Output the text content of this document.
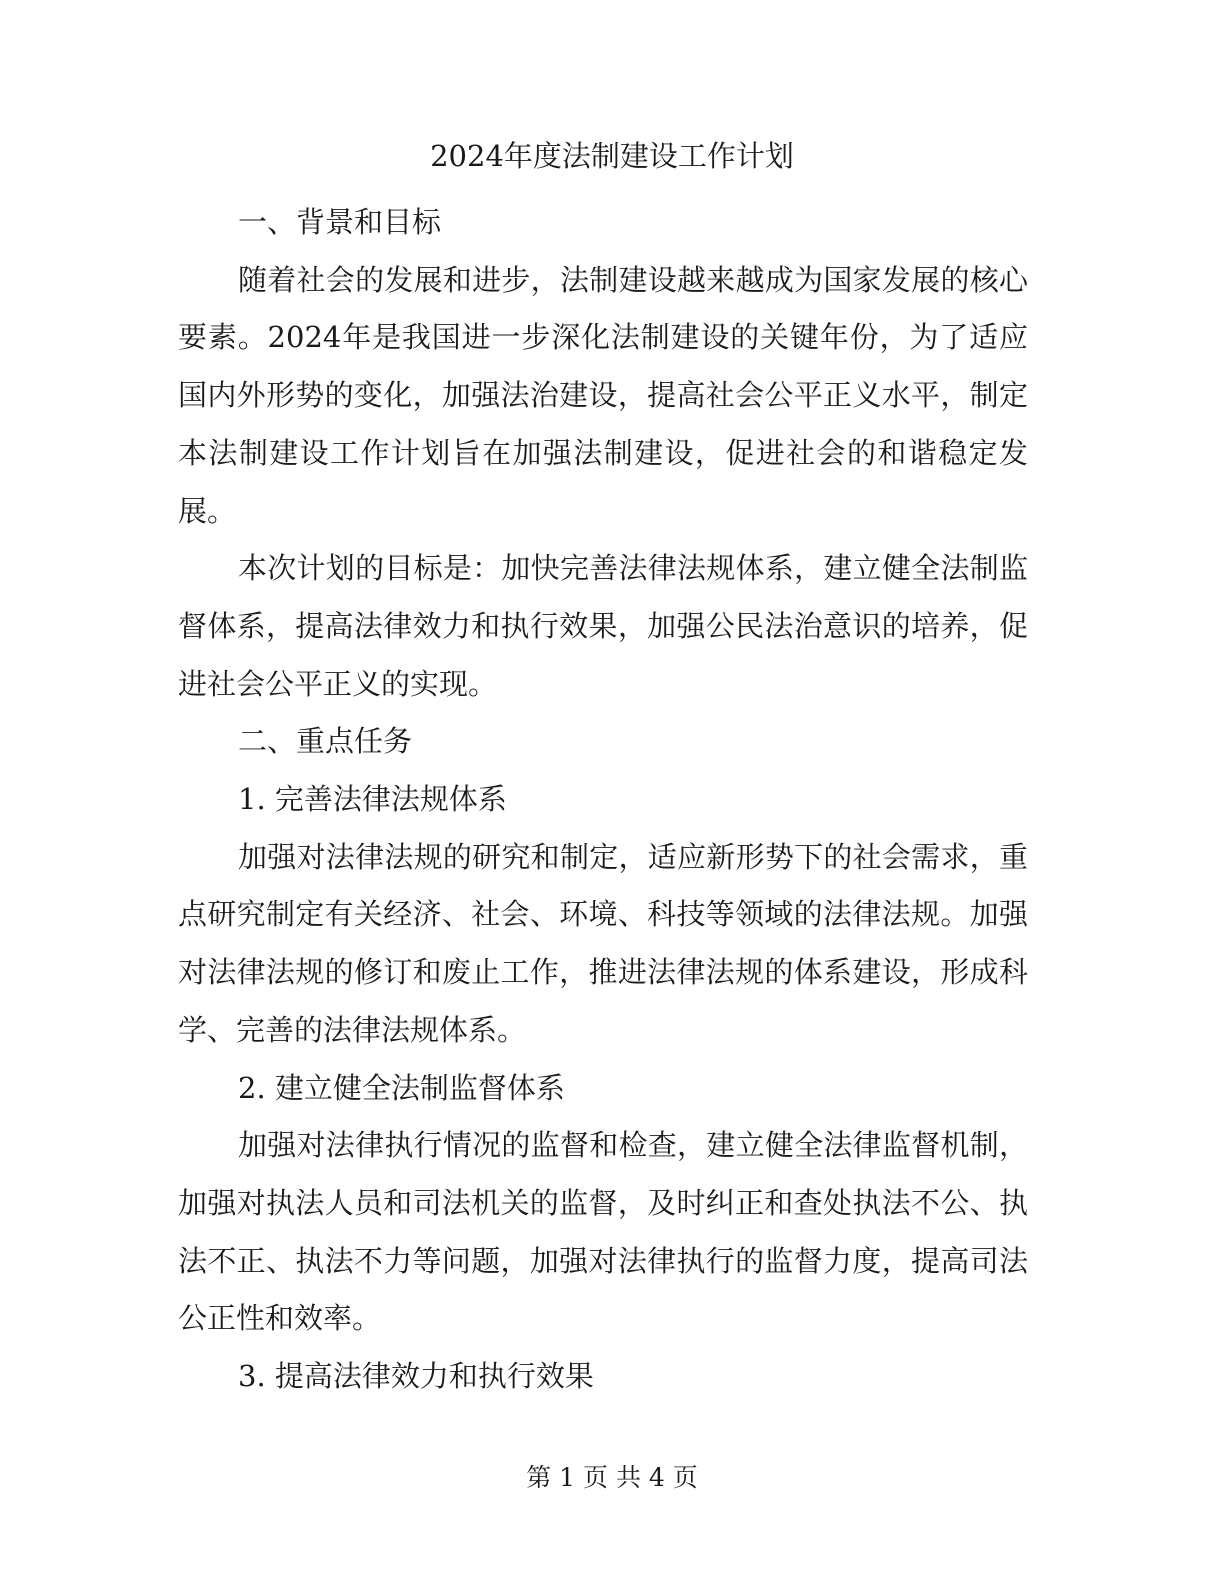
2024年度法制建设工作计划

一、背景和目标

随着社会的发展和进步，法制建设越来越成为国家发展的核心要素。2024年是我国进一步深化法制建设的关键年份，为了适应国内外形势的变化，加强法治建设，提高社会公平正义水平，制定本法制建设工作计划旨在加强法制建设，促进社会的和谐稳定发展。

本次计划的目标是：加快完善法律法规体系，建立健全法制监督体系，提高法律效力和执行效果，加强公民法治意识的培养，促进社会公平正义的实现。

二、重点任务

1. 完善法律法规体系

加强对法律法规的研究和制定，适应新形势下的社会需求，重点研究制定有关经济、社会、环境、科技等领域的法律法规。加强对法律法规的修订和废止工作，推进法律法规的体系建设，形成科学、完善的法律法规体系。

2. 建立健全法制监督体系

加强对法律执行情况的监督和检查，建立健全法律监督机制，加强对执法人员和司法机关的监督，及时纠正和查处执法不公、执法不正、执法不力等问题，加强对法律执行的监督力度，提高司法公正性和效率。

3. 提高法律效力和执行效果

第 1 页 共 4 页
